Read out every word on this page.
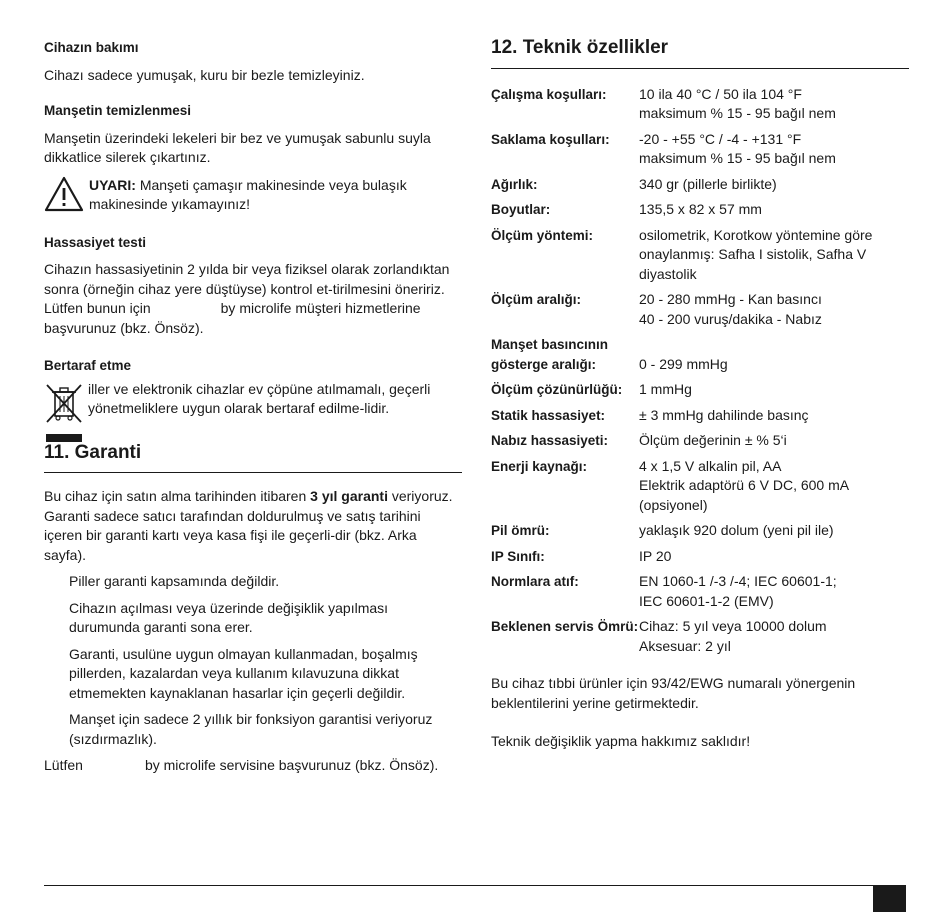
Cihazın bakımı

Cihazı sadece yumuşak, kuru bir bezle temizleyiniz.

Manşetin temizlenmesi

Manşetin üzerindeki lekeleri bir bez ve yumuşak sabunlu suyla dikkatlice silerek çıkartınız.

UYARI: Manşeti çamaşır makinesinde veya bulaşık makinesinde yıkamayınız!

Hassasiyet testi

Cihazın hassasiyetinin 2 yılda bir veya fiziksel olarak zorlandıktan sonra (örneğin cihaz yere düştüyse) kontrol et-tirilmesini öneririz. Lütfen bunun için	by microlife müşteri hizmetlerine başvurunuz (bkz. Önsöz).

Bertaraf etme

iller ve elektronik cihazlar ev çöpüne atılmamalı, geçerli yönetmeliklere uygun olarak bertaraf edilme-lidir.

11. Garanti

Bu cihaz için satın alma tarihinden itibaren 3 yıl garanti veriyoruz. Garanti sadece satıcı tarafından doldurulmuş ve satış tarihini içeren bir garanti kartı veya kasa fişi ile geçerli-dir (bkz. Arka sayfa).

Piller garanti kapsamında değildir.

Cihazın açılması veya üzerinde değişiklik yapılması durumunda garanti sona erer.

Garanti, usulüne uygun olmayan kullanmadan, boşalmış pillerden, kazalardan veya kullanım kılavuzuna dikkat etmemekten kaynaklanan hasarlar için geçerli değildir.

Manşet için sadece 2 yıllık bir fonksiyon garantisi veriyoruz (sızdırmazlık).

Lütfen	by microlife servisine başvurunuz (bkz. Önsöz).

12. Teknik özellikler
Çalışma koşulları:	10 ila 40 °C / 50 ila 104 °F
maksimum % 15 - 95 bağıl nem

Saklama koşulları:	-20 - +55 °C / -4 - +131 °F
maksimum % 15 - 95 bağıl nem

Ağırlık:	340 gr (pillerle birlikte)

Boyutlar:	135,5 x 82 x 57 mm

Ölçüm yöntemi:	osilometrik, Korotkow yöntemine göre
onaylanmış: Safha I sistolik, Safha V
diyastolik

Ölçüm aralığı:	20 - 280 mmHg - Kan basıncı
40 - 200 vuruş/dakika - Nabız

Manşet basıncının gösterge aralığı:	0 - 299 mmHg

Ölçüm çözünürlüğü:	1 mmHg

Statik hassasiyet:	± 3 mmHg dahilinde basınç

Nabız hassasiyeti:	Ölçüm değerinin ± % 5‘i

Enerji kaynağı:	4 x 1,5 V alkalin pil, AA
Elektrik adaptörü 6 V DC, 600 mA
(opsiyonel)

Pil ömrü:	yaklaşık 920 dolum (yeni pil ile)

IP Sınıfı:	IP 20

Normlara atıf:	EN 1060-1 /-3 /-4; IEC 60601-1;
IEC 60601-1-2 (EMV)

Beklenen servis Ömrü:	Cihaz: 5 yıl veya 10000 dolum
Aksesuar: 2 yıl

Bu cihaz tıbbi ürünler için 93/42/EWG numaralı yönergenin beklentilerini yerine getirmektedir.

Teknik değişiklik yapma hakkımız saklıdır!
